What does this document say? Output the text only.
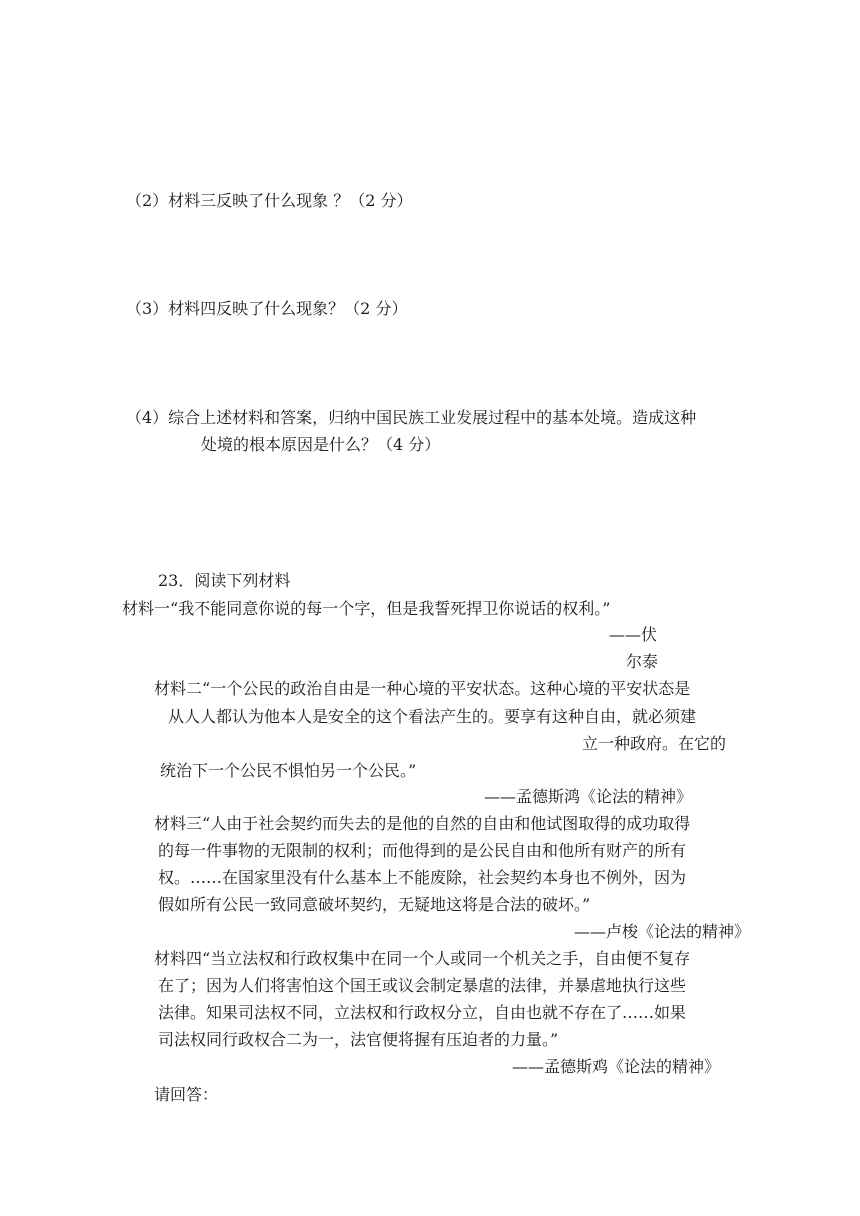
（2）材料三反映了什么现象 ？（2 分）
（3）材料四反映了什么现象？（2 分）
（4）综合上述材料和答案，归纳中国民族工业发展过程中的基本处境。造成这种
处境的根本原因是什么？（4 分）
23．阅读下列材料
材料一“我不能同意你说的每一个字，但是我誓死捍卫你说话的权利。”
——伏
尔泰
材料二“一个公民的政治自由是一种心境的平安状态。这种心境的平安状态是
从人人都认为他本人是安全的这个看法产生的。要享有这种自由，就必须建
立一种政府。在它的
统治下一个公民不惧怕另一个公民。”
——孟德斯鸿《论法的精神》
材料三“人由于社会契约而失去的是他的自然的自由和他试图取得的成功取得
的每一件事物的无限制的权利；而他得到的是公民自由和他所有财产的所有
权。……在国家里没有什么基本上不能废除，社会契约本身也不例外，因为
假如所有公民一致同意破坏契约，无疑地这将是合法的破坏。”
——卢梭《论法的精神》
材料四“当立法权和行政权集中在同一个人或同一个机关之手，自由便不复存
在了；因为人们将害怕这个国王或议会制定暴虐的法律，并暴虐地执行这些
法律。知果司法权不同，立法权和行政权分立，自由也就不存在了……如果
司法权同行政权合二为一，法官便将握有压迫者的力量。”
——孟德斯鸡《论法的精神》
请回答：
